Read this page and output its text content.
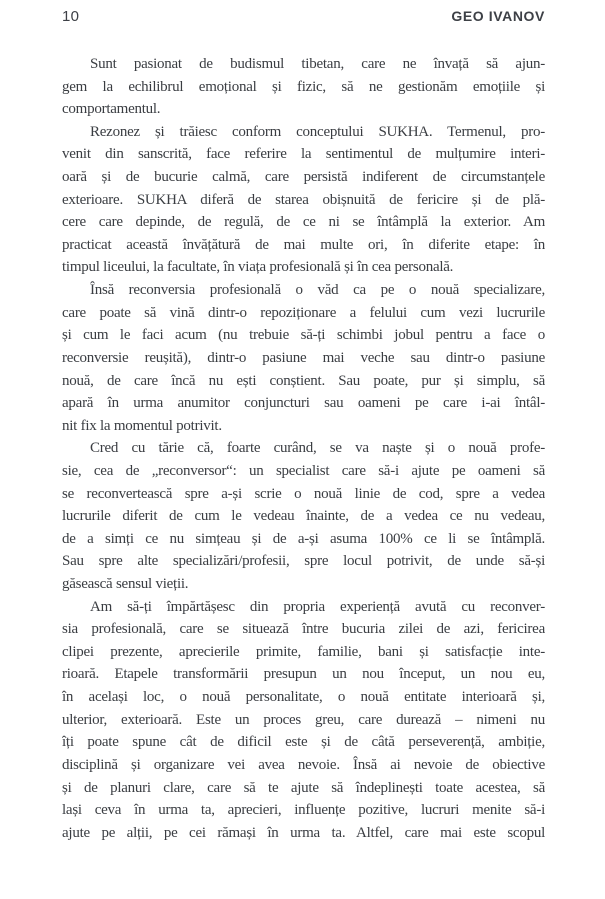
10	GEO IVANOV
Sunt pasionat de budismul tibetan, care ne învață să ajun-
gem la echilibrul emoțional și fizic, să ne gestionăm emoțiile și
comportamentul.
Rezonez și trăiesc conform conceptului SUKHA. Termenul, pro-
venit din sanscrită, face referire la sentimentul de mulțumire interi-
oară și de bucurie calmă, care persistă indiferent de circumstanțele
exterioare. SUKHA diferă de starea obișnuită de fericire și de plă-
cere care depinde, de regulă, de ce ni se întâmplă la exterior. Am
practicat această învățătură de mai multe ori, în diferite etape: în
timpul liceului, la facultate, în viața profesională și în cea personală.
Însă reconversia profesională o văd ca pe o nouă specializare,
care poate să vină dintr-o repoziționare a felului cum vezi lucrurile
și cum le faci acum (nu trebuie să-ți schimbi jobul pentru a face o
reconversie reușită), dintr-o pasiune mai veche sau dintr-o pasiune
nouă, de care încă nu ești conștient. Sau poate, pur și simplu, să
apară în urma anumitor conjuncturi sau oameni pe care i-ai întâl-
nit fix la momentul potrivit.
Cred cu tărie că, foarte curând, se va naște și o nouă profe-
sie, cea de „reconversor“: un specialist care să-i ajute pe oameni să
se reconvertească spre a-și scrie o nouă linie de cod, spre a vedea
lucrurile diferit de cum le vedeau înainte, de a vedea ce nu vedeau,
de a simți ce nu simțeau și de a-și asuma 100% ce li se întâmplă.
Sau spre alte specializări/profesii, spre locul potrivit, de unde să-și
găsească sensul vieții.
Am să-ți împărtășesc din propria experiență avută cu reconver-
sia profesională, care se situează între bucuria zilei de azi, fericirea
clipei prezente, aprecierile primite, familie, bani și satisfacție inte-
rioară. Etapele transformării presupun un nou început, un nou eu,
în același loc, o nouă personalitate, o nouă entitate interioară și,
ulterior, exterioară. Este un proces greu, care durează – nimeni nu
îți poate spune cât de dificil este și de câtă perseverență, ambiție,
disciplină și organizare vei avea nevoie. Însă ai nevoie de obiective
și de planuri clare, care să te ajute să îndeplinești toate acestea, să
lași ceva în urma ta, aprecieri, influențe pozitive, lucruri menite să-i
ajute pe alții, pe cei rămași în urma ta. Altfel, care mai este scopul
